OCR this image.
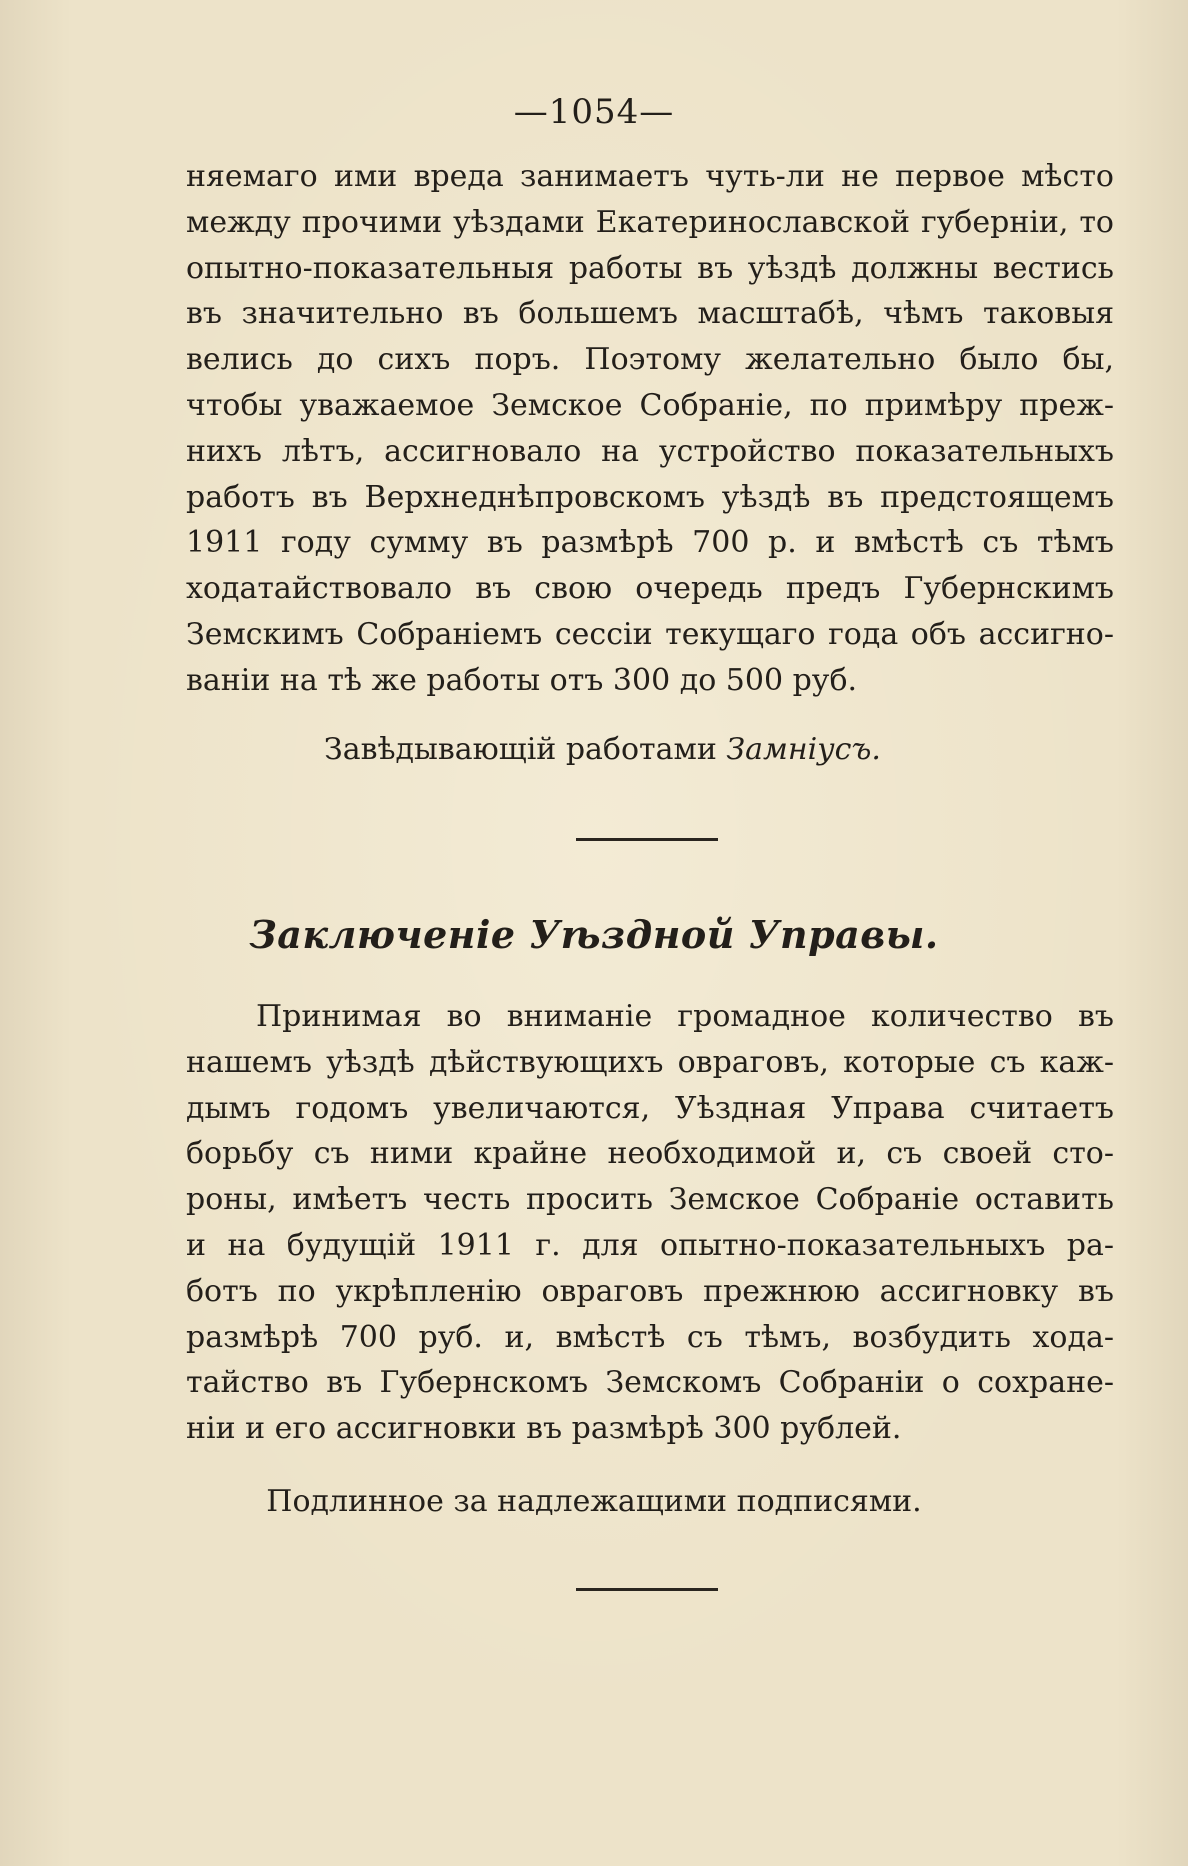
—1054—
няемаго ими вреда занимаетъ чуть-ли не первое мѣсто
между прочими уѣздами Екатеринославской губерніи, то
опытно-показательныя работы въ уѣздѣ должны вестись
въ значительно въ большемъ масштабѣ, чѣмъ таковыя
велись до сихъ поръ. Поэтому желательно было бы,
чтобы уважаемое Земское Собраніе, по примѣру преж-
нихъ лѣтъ, ассигновало на устройство показательныхъ
работъ въ Верхнеднѣпровскомъ уѣздѣ въ предстоящемъ
1911 году сумму въ размѣрѣ 700 р. и вмѣстѣ съ тѣмъ
ходатайствовало въ свою очередь предъ Губернскимъ
Земскимъ Собраніемъ сессіи текущаго года объ ассигно-
ваніи на тѣ же работы отъ 300 до 500 руб.
Завѣдывающій работами Замніусъ.
Заключеніе Уѣздной Управы.
Принимая во вниманіе громадное количество въ
нашемъ уѣздѣ дѣйствующихъ овраговъ, которые съ каж-
дымъ годомъ увеличаются, Уѣздная Управа считаетъ
борьбу съ ними крайне необходимой и, съ своей сто-
роны, имѣетъ честь просить Земское Собраніе оставить
и на будущій 1911 г. для опытно-показательныхъ ра-
ботъ по укрѣпленію овраговъ прежнюю ассигновку въ
размѣрѣ 700 руб. и, вмѣстѣ съ тѣмъ, возбудить хода-
тайство въ Губернскомъ Земскомъ Собраніи о сохране-
ніи и его ассигновки въ размѣрѣ 300 рублей.
Подлинное за надлежащими подписями.
